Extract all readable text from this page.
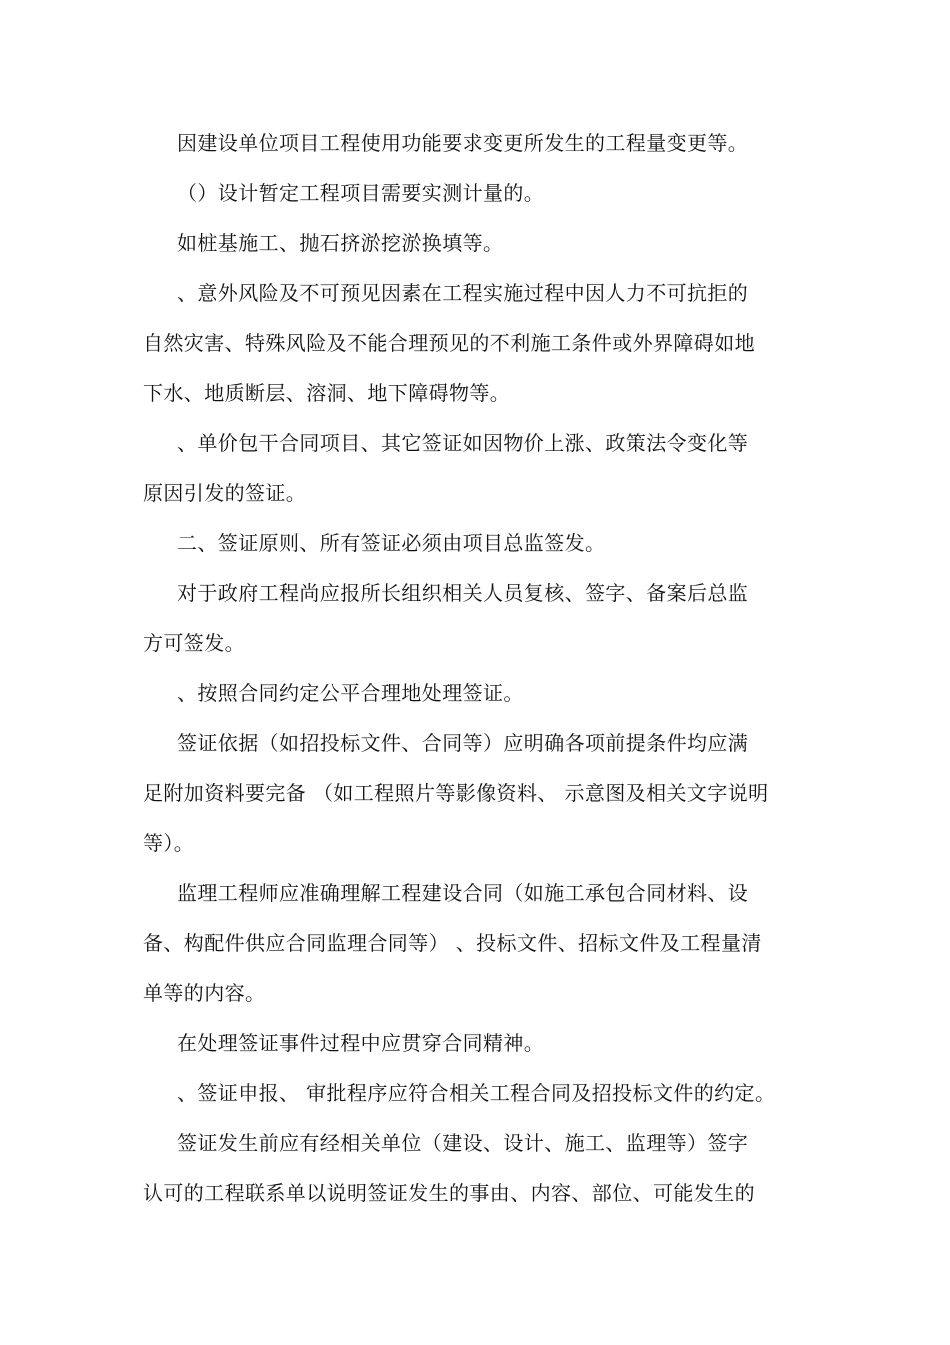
因建设单位项目工程使用功能要求变更所发生的工程量变更等。
（）设计暂定工程项目需要实测计量的。
如桩基施工、抛石挤淤挖淤换填等。
、意外风险及不可预见因素在工程实施过程中因人力不可抗拒的
自然灾害、特殊风险及不能合理预见的不利施工条件或外界障碍如地
下水、地质断层、溶洞、地下障碍物等。
、单价包干合同项目、其它签证如因物价上涨、政策法令变化等
原因引发的签证。
二、签证原则、所有签证必须由项目总监签发。
对于政府工程尚应报所长组织相关人员复核、签字、备案后总监
方可签发。
、按照合同约定公平合理地处理签证。
签证依据（如招投标文件、合同等）应明确各项前提条件均应满
足附加资料要完备 （如工程照片等影像资料、 示意图及相关文字说明
等）。
监理工程师应准确理解工程建设合同（如施工承包合同材料、设
备、构配件供应合同监理合同等） 、投标文件、招标文件及工程量清
单等的内容。
在处理签证事件过程中应贯穿合同精神。
、签证申报、 审批程序应符合相关工程合同及招投标文件的约定。
签证发生前应有经相关单位（建设、设计、施工、监理等）签字
认可的工程联系单以说明签证发生的事由、内容、部位、可能发生的
